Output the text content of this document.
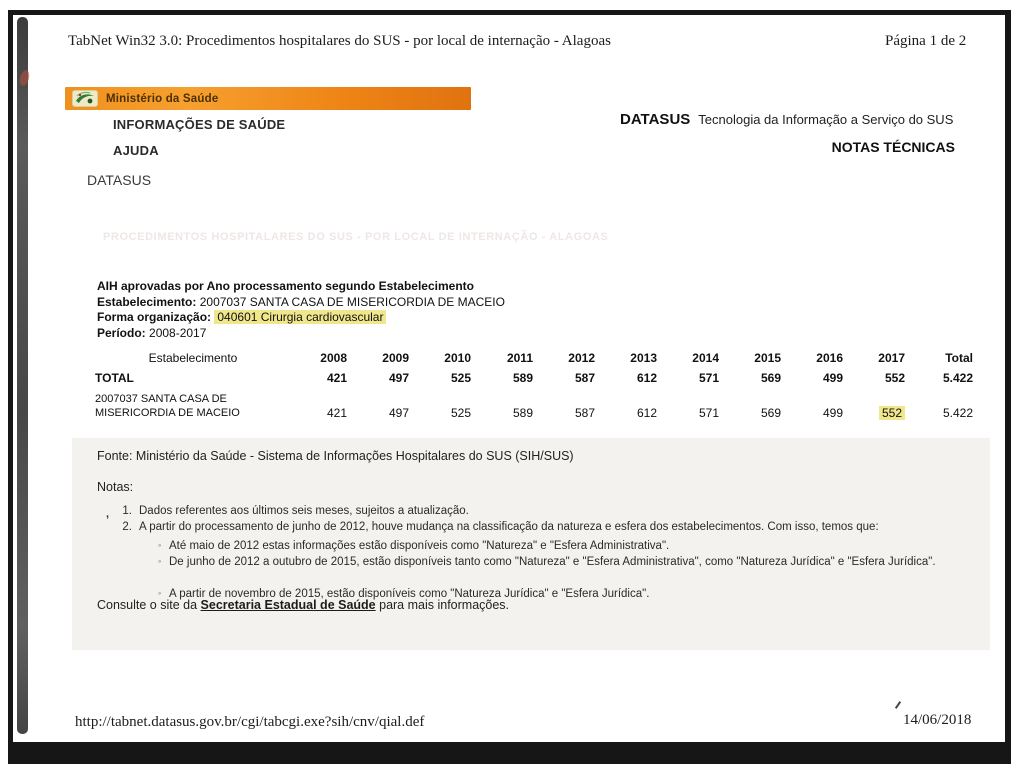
TabNet Win32 3.0: Procedimentos hospitalares do SUS - por local de internação - Alagoas	Página 1 de 2
Ministério da Saúde
INFORMAÇÕES DE SAÚDE
AJUDA
DATASUS
DATASUS Tecnologia da Informação a Serviço do SUS
NOTAS TÉCNICAS
PROCEDIMENTOS HOSPITALARES DO SUS - POR LOCAL DE INTERNAÇÃO - ALAGOAS
AIH aprovadas por Ano processamento segundo Estabelecimento
Estabelecimento: 2007037 SANTA CASA DE MISERICORDIA DE MACEIO
Forma organização: 040601 Cirurgia cardiovascular
Período: 2008-2017
Estabelecimento	2008	2009	2010	2011	2012	2013	2014	2015	2016	2017	Total
TOTAL	421	497	525	589	587	612	571	569	499	552	5.422
2007037 SANTA CASA DE
MISERICORDIA DE MACEIO	421	497	525	589	587	612	571	569	499	552	5.422
Fonte: Ministério da Saúde - Sistema de Informações Hospitalares do SUS (SIH/SUS)
Notas:
,	1. Dados referentes aos últimos seis meses, sujeitos a atualização.
2. A partir do processamento de junho de 2012, houve mudança na classificação da natureza e esfera dos estabelecimentos. Com isso, temos que:
◦ Até maio de 2012 estas informações estão disponíveis como "Natureza" e "Esfera Administrativa".
◦ De junho de 2012 a outubro de 2015, estão disponíveis tanto como "Natureza" e "Esfera Administrativa", como "Natureza Jurídica" e "Esfera Jurídica".
◦ A partir de novembro de 2015, estão disponíveis como "Natureza Jurídica" e "Esfera Jurídica".
Consulte o site da Secretaria Estadual de Saúde para mais informações.
http://tabnet.datasus.gov.br/cgi/tabcgi.exe?sih/cnv/qial.def	14/06/2018
